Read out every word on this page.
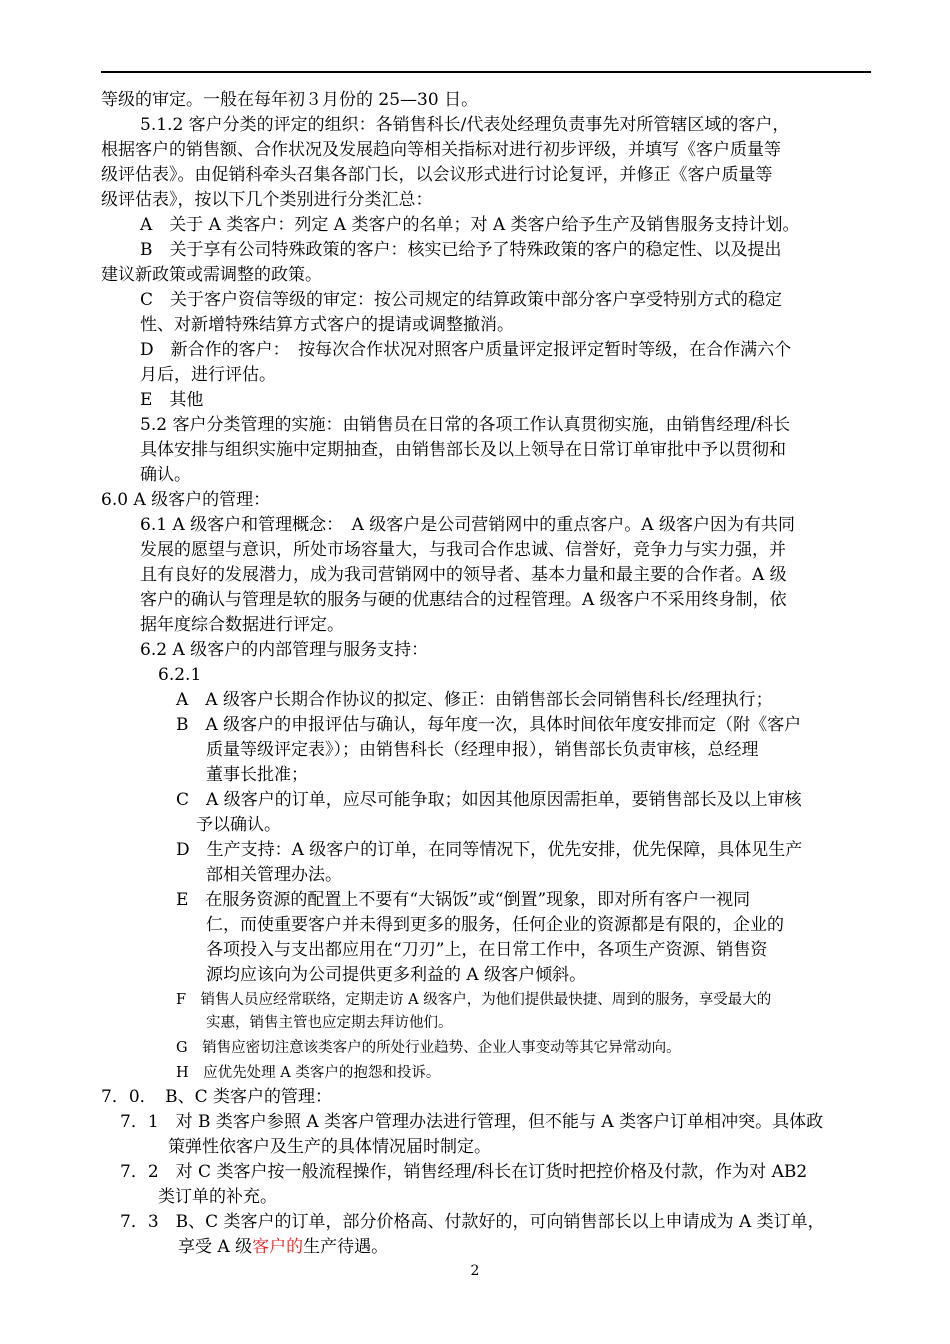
等级的审定。一般在每年初３月份的 25—30 日。
5.1.2 客户分类的评定的组织：各销售科长/代表处经理负责事先对所管辖区域的客户，
根据客户的销售额、合作状况及发展趋向等相关指标对进行初步评级，并填写《客户质量等
级评估表》。由促销科牵头召集各部门长，以会议形式进行讨论复评，并修正《客户质量等
级评估表》，按以下几个类别进行分类汇总：
A　关于 A 类客户：列定 A 类客户的名单；对 A 类客户给予生产及销售服务支持计划。
B　关于享有公司特殊政策的客户：核实已给予了特殊政策的客户的稳定性、以及提出
建议新政策或需调整的政策。
C　关于客户资信等级的审定：按公司规定的结算政策中部分客户享受特别方式的稳定
性、对新增特殊结算方式客户的提请或调整撤消。
D　新合作的客户：　按每次合作状况对照客户质量评定报评定暂时等级，在合作满六个
月后，进行评估。
E　其他
5.2 客户分类管理的实施：由销售员在日常的各项工作认真贯彻实施，由销售经理/科长
具体安排与组织实施中定期抽查，由销售部长及以上领导在日常订单审批中予以贯彻和
确认。
6.0 A 级客户的管理：
6.1 A 级客户和管理概念：　A 级客户是公司营销网中的重点客户。A 级客户因为有共同
发展的愿望与意识，所处市场容量大，与我司合作忠诚、信誉好，竞争力与实力强，并
且有良好的发展潜力，成为我司营销网中的领导者、基本力量和最主要的合作者。A 级
客户的确认与管理是软的服务与硬的优惠结合的过程管理。A 级客户不采用终身制，依
据年度综合数据进行评定。
6.2 A 级客户的内部管理与服务支持：
6.2.1
A　A 级客户长期合作协议的拟定、修正：由销售部长会同销售科长/经理执行；
B　A 级客户的申报评估与确认，每年度一次，具体时间依年度安排而定（附《客户
质量等级评定表》）；由销售科长（经理申报），销售部长负责审核，总经理
董事长批准；
C　A 级客户的订单，应尽可能争取；如因其他原因需拒单，要销售部长及以上审核
予以确认。
D　生产支持：A 级客户的订单，在同等情况下，优先安排，优先保障，具体见生产
部相关管理办法。
E　在服务资源的配置上不要有“大锅饭”或“倒置”现象，即对所有客户一视同
仁，而使重要客户并未得到更多的服务，任何企业的资源都是有限的，企业的
各项投入与支出都应用在“刀刃”上，在日常工作中，各项生产资源、销售资
源均应该向为公司提供更多利益的 A 级客户倾斜。
F　销售人员应经常联络，定期走访 A 级客户，为他们提供最快捷、周到的服务，享受最大的
实惠，销售主管也应定期去拜访他们。
G　销售应密切注意该类客户的所处行业趋势、企业人事变动等其它异常动向。
H　应优先处理 A 类客户的抱怨和投诉。
7．0．　B、C 类客户的管理：
7．1　对 B 类客户参照 A 类客户管理办法进行管理，但不能与 A 类客户订单相冲突。具体政
策弹性依客户及生产的具体情况届时制定。
7．2　对 C 类客户按一般流程操作，销售经理/科长在订货时把控价格及付款，作为对 AB2
类订单的补充。
7．3　B、C 类客户的订单，部分价格高、付款好的，可向销售部长以上申请成为 A 类订单，
享受 A 级客户的生产待遇。
2
